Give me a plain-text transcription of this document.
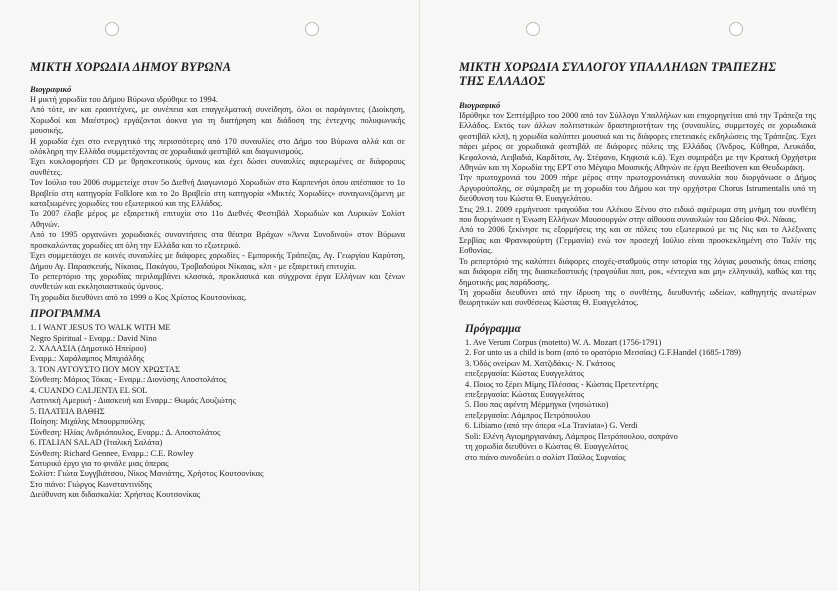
ΜΙΚΤΗ ΧΟΡΩΔΙΑ ΔΗΜΟΥ ΒΥΡΩΝΑ
Βιογραφικό

Η μικτή χορωδία του Δήμου Βύρωνα ιδρύθηκε το 1994.

Από τότε, αν και ερασιτέχνες, με συνέπεια και επαγγελματική συνείδηση, όλοι οι παράγοντες (Διοίκηση, Χορωδοί και Μαέστρος) εργάζονται άοκνα για τη διατήρηση και διάδοση της έντεχνης πολυφωνικής μουσικής.

Η χορωδία έχει στο ενεργητικό της περισσότερες από 170 συναυλίες στο Δήμο του Βύρωνα αλλά και σε ολόκληρη την Ελλάδα συμμετέχοντας σε χορωδιακά φεστιβάλ και διαγωνισμούς.

Έχει κυκλοφορήσει CD με θρησκευτικούς ύμνους και έχει δώσει συναυλίες αφιερωμένες σε διάφορους συνθέτες.

Τον Ιούλιο του 2006 συμμετείχε στον 5ο Διεθνή Διαγωνισμό Χορωδιών στο Καρπενήσι όπου απέσπασε το 1ο Βραβείο στη κατηγορία Folklore και το 2ο Βραβείο στη κατηγορία «Μικτές Χορωδίες» συναγωνιζόμενη με καταξιωμένες χορωδίες του εξωτερικού και της Ελλάδος.

Το 2007 έλαβε μέρος με εξαιρετική επιτυχία στο 11ο Διεθνές Φεστιβάλ Χορωδιών και Λυρικών Σολίστ Αθηνών.

Από το 1995 οργανώνει χορωδιακές συναντήσεις στα θέατρα Βράχων «Άννα Συνοδινού» στον Βύρωνα προσκαλώντας χορωδίες απ όλη την Ελλάδα και το εξωτερικό.

Έχει συμμετάσχει σε κοινές συναυλίες με διάφορες χορωδίες - Εμπορικής Τράπεζας, Αγ. Γεωργίου Καρύτση, Δήμου Αγ. Παρασκευής, Νίκαιας, Πακάγου, Τροβαδούροι Νίκαιας, κλπ - με εξαιρετική επιτυχία.

Το ρεπερτόριο της χορωδίας περιλαμβάνει κλασικά, προκλασικά και σύγχρονα έργα Ελλήνων και ξένων συνθετών και εκκλησιαστικούς ύμνους.

Τη χορωδία διευθύνει από το 1999 ο Κος Χρίστος Κουτσονίκας.

ΠΡΟΓΡΑΜΜΑ

1. I WANT JESUS TO WALK WITH ME

Negro Spiritual - Εναρμ.: David Nino

2. ΧΑΛΑΣΙΑ (Δημοτικό Ηπείρου)

Εναρμ.: Χαράλαμπος Μπιχιάλδης

3. ΤΟΝ ΑΥΓΟΥΣΤΟ ΠΟΥ ΜΟΥ ΧΡΩΣΤΑΣ

Σύνθεση: Μάριος Τόκας - Εναρμ.: Διονύσης Αποστολάτος

4. CUANDO CALJENTA EL SOL

Λατινική Αμερική - Διασκευή και Εναρμ.: Θωμάς Λουζιώτης

5. ΠΛΑΤΕΙΑ ΒΑΘΗΣ

Ποίηση: Μιχάλης Μπουρμπούλης

Σύνθεση: Ηλίας Ανδριόπουλος, Εναρμ.: Δ. Αποστολάτος

6. ITALIAN SALAD (Ιταλική Σαλάτα)

Σύνθεση: Richard Gennee, Εναρμ.: C.E. Rowley

Σατυρικό έργο για το φινάλε μιας όπερας

Σολίστ: Γιώτα Συγγβιάτσου, Νίκος Μανιάτης, Χρήστος Κουτσονίκας

Στο πιάνο: Γιώργος Κωνσταντινίδης

Διεύθυνση και διδασκαλία: Χρήστος Κουτσονίκας

ΜΙΚΤΗ ΧΟΡΩΔΙΑ ΣΥΛΛΟΓΟΥ ΥΠΑΛΛΗΛΩΝ ΤΡΑΠΕΖΗΣ
ΤΗΣ ΕΛΛΑΔΟΣ
Βιογραφικό

Ιδρύθηκε τον Σεπτέμβριο του 2000 από τον Σύλλογο Υπαλλήλων και επιχορηγείται από την Τράπεζα της Ελλάδος. Εκτός των άλλων πολιτιστικών δραστηριοτήτων της (συναυλίες, συμμετοχές σε χορωδιακά φεστιβάλ κλπ), η χορωδία καλύπτει μουσικά και τις διάφορες επετειακές εκδηλώσεις της Τράπεζας. Έχει πάρει μέρος σε χορωδιακά φεστιβάλ σε διάφορες πόλεις της Ελλάδας (Άνδρος, Κύθηρα, Λευκάδα, Κεφαλονιά, Λειβαδιά, Καρδίτσα, Αγ. Στέφανο, Κηφισιά κ.ά). Έχει συμπράξει με την Κρατική Ορχήστρα Αθηνών και τη Χορωδία της ΕΡΤ στο Μέγαρο Μουσικής Αθηνών σε έργα Beethoven και Θεοδωράκη.

Την πρωτοχρονιά του 2009 πήρε μέρος στην πρωτοχρονιάτικη συναυλία που διοργάνωσε ο Δήμος Αργυρούπολης, σε σύμπραξη με τη χορωδία του Δήμου και την ορχήστρα Chorus Istrumentalis υπό τη διεύθυνση του Κώστα Θ. Ευαγγελάτου.

Στις 29.1. 2009 ερμήνευσε τραγούδια του Αλέκου Ξένου στο ειδικό αφιέρωμα στη μνήμη του συνθέτη που διοργάνωσε η Ένωση Ελλήνων Μουσουργών στην αίθουσα συναυλιών του Ωδείου Φιλ. Νάκας.

Από το 2006 ξεκίνησε τις εξορμήσεις της και σε πόλεις του εξωτερικού με τις Νις και το Αλέξινατς Σερβίας και Φρανκφούρτη (Γερμανία) ενώ τον προσεχή Ιούλιο είναι προσκεκλημένη στο Ταλίν της Εσθονίας.

Το ρεπερτόριό της καλύπτει διάφορες εποχές-σταθμούς στην ιστορία της λόγιας μουσικής όπως επίσης και διάφορα είδη της διασκεδαστικής (τραγούδια ποπ, ροκ, «έντεχνα και μη» ελληνικά), καθώς και της δημοτικής μας παράδοσης.

Τη χορωδία διευθύνει από την ίδρυση της ο συνθέτης, διευθυντής ωδείων, καθηγητής ανωτέρων θεωρητικών και συνθέσεως Κώστας Θ. Ευαγγελάτος.

Πρόγραμμα

1. Ave Verum Corpus (motetto) W. A. Mozart (1756-1791)

2. For unto us a child is born (από το ορατόριο Μεσσίας) G.F.Handel (1685-1789)

3. Όδός ονείρων Μ. Χατζιδάκις- Ν. Γκάτσος

επεξεργασία: Κώστας Ευαγγελάτος

4. Ποιος το ξέρει Μίμης Πλέσσας - Κώστας Πρετεντέρης

επεξεργασία: Κώστας Ευαγγελάτος

5. Που πας αφέντη Μέρμηγκα (νησιώτικο)

επεξεργασία: Λάμπρος Πετρόπουλου

6. Libiamo (από την όπερα «La Traviata») G. Verdi

Soli: Ελένη Αγιομηργιανάκη, Λάμπρος Πετρόπουλου, σοπράνο

τη χορωδία διευθύνει ο Κώστας Θ. Ευαγγελάτος

στο πιάνο συνοδεύει ο σολίστ Παύλος Σιφναίος
